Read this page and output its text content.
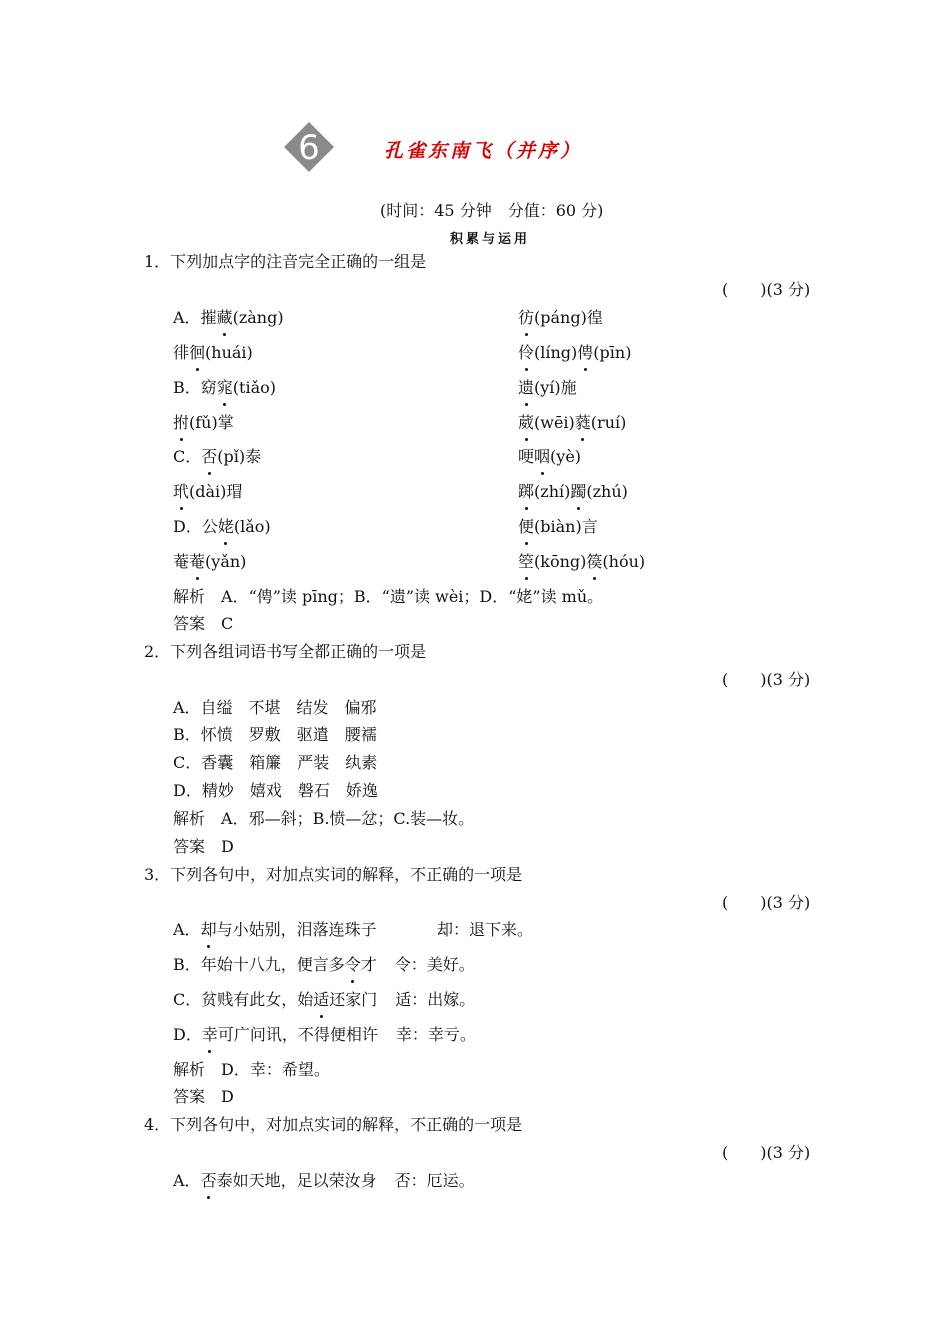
6	孔雀东南飞（并序）
(时间：45 分钟　分值：60 分)
积累与运用
1．下列加点字的注音完全正确的一组是
(　　)(3 分)
A．摧藏(zàng)	彷(páng)徨
徘徊(huái)	伶(líng)俜(pīn)
B．窈窕(tiǎo)	遗(yí)施
拊(fǔ)掌	葳(wēi)蕤(ruí)
C．否(pǐ)泰	哽咽(yè)
玳(dài)瑁	踯(zhí)躅(zhú)
D．公姥(lǎo)	便(biàn)言
菴菴(yǎn)	箜(kōng)篌(hóu)
解析 A．“俜”读 pīng；B．“遗”读 wèi；D．“姥”读 mǔ。
答案 C
2．下列各组词语书写全都正确的一项是
(　　)(3 分)
A．自缢　不堪　结发　偏邪
B．怀愤　罗敷　驱遣　腰襦
C．香囊　箱簾　严装　纨素
D．精妙　嬉戏　磐石　娇逸
解析 A．邪—斜；B.愤—忿；C.装—妆。
答案 D
3．下列各句中，对加点实词的解释，不正确的一项是
(　　)(3 分)
A．却与小姑别，泪落连珠子	却：退下来。
B．年始十八九，便言多令才 令：美好。
C．贫贱有此女，始适还家门 适：出嫁。
D．幸可广问讯，不得便相许 幸：幸亏。
解析 D．幸：希望。
答案 D
4．下列各句中，对加点实词的解释，不正确的一项是
(　　)(3 分)
A．否泰如天地，足以荣汝身 否：厄运。
